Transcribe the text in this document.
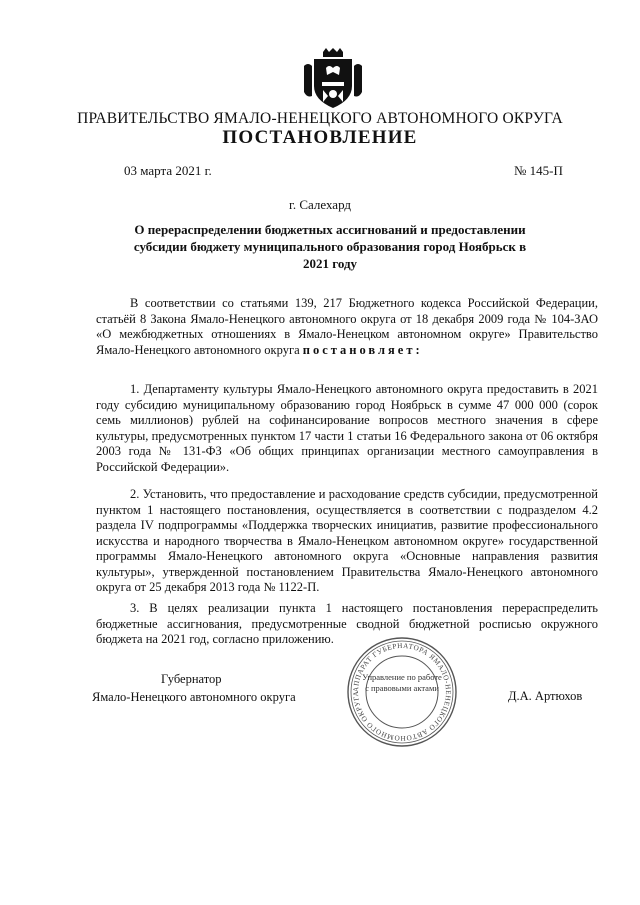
ПРАВИТЕЛЬСТВО ЯМАЛО-НЕНЕЦКОГО АВТОНОМНОГО ОКРУГА
ПОСТАНОВЛЕНИЕ
03 марта 2021 г.	№ 145-П
г. Салехард
О перераспределении бюджетных ассигнований и предоставлении субсидии бюджету муниципального образования город Ноябрьск в 2021 году

В соответствии со статьями 139, 217 Бюджетного кодекса Российской Федерации, статьёй 8 Закона Ямало-Ненецкого автономного округа от 18 декабря 2009 года № 104-ЗАО «О межбюджетных отношениях в Ямало-Ненецком автономном округе» Правительство Ямало-Ненецкого автономного округа постановляет:

1. Департаменту культуры Ямало-Ненецкого автономного округа предоставить в 2021 году субсидию муниципальному образованию город Ноябрьск в сумме 47 000 000 (сорок семь миллионов) рублей на софинансирование вопросов местного значения в сфере культуры, предусмотренных пунктом 17 части 1 статьи 16 Федерального закона от 06 октября 2003 года № 131-ФЗ «Об общих принципах организации местного самоуправления в Российской Федерации».

2. Установить, что предоставление и расходование средств субсидии, предусмотренной пунктом 1 настоящего постановления, осуществляется в соответствии с подразделом 4.2 раздела IV подпрограммы «Поддержка творческих инициатив, развитие профессионального искусства и народного творчества в Ямало-Ненецком автономном округе» государственной программы Ямало-Ненецкого автономного округа «Основные направления развития культуры», утвержденной постановлением Правительства Ямало-Ненецкого автономного округа от 25 декабря 2013 года № 1122-П.

3. В целях реализации пункта 1 настоящего постановления перераспределить бюджетные ассигнования, предусмотренные сводной бюджетной росписью окружного бюджета на 2021 год, согласно приложению.

Губернатор
Ямало-Ненецкого автономного округа	Д.А. Артюхов
АППАРАТ ГУБЕРНАТОРА ЯМАЛО-НЕНЕЦКОГО АВТОНОМНОГО ОКРУГА
Управление по работе с правовыми актами
